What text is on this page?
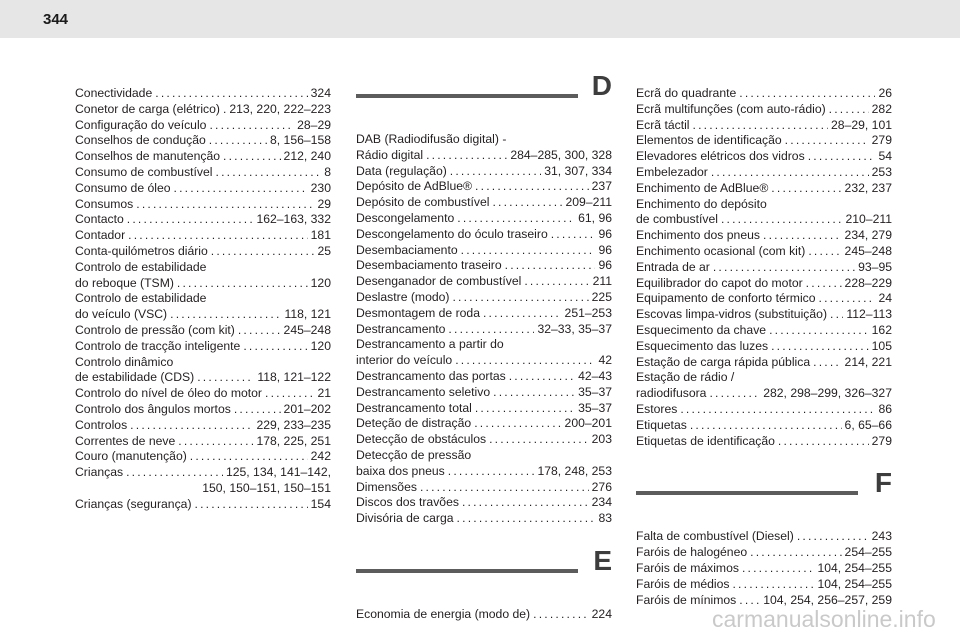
344
Conectividade . . .	324
Conetor de carga (elétrico) . . . 213, 220, 222–223
Configuração do veículo . . .	28–29
Conselhos de condução . . .	8, 156–158
Conselhos de manutenção . . .	212, 240
Consumo de combustível . . .	8
Consumo de óleo . . .	230
Consumos . . .	29
Contacto . . .	162–163, 332
Contador . . .	181
Conta-quilómetros diário . . .	25
Controlo de estabilidade
do reboque (TSM) . . .	120
Controlo de estabilidade
do veículo (VSC) . . .	118, 121
Controlo de pressão (com kit) . . .	245–248
Controlo de tracção inteligente . . .	120
Controlo dinâmico
de estabilidade (CDS) . . .	118, 121–122
Controlo do nível de óleo do motor . . .	21
Controlo dos ângulos mortos . . .	201–202
Controlos . . .	229, 233–235
Correntes de neve . . .	178, 225, 251
Couro (manutenção) . . .	242
Crianças . . .	125, 134, 141–142,
150, 150–151, 150–151
Crianças (segurança) . . .	154
D
DAB (Radiodifusão digital) -
Rádio digital . . .	284–285, 300, 328
Data (regulação) . . .	31, 307, 334
Depósito de AdBlue® . . .	237
Depósito de combustível . . .	209–211
Descongelamento . . .	61, 96
Descongelamento do óculo traseiro . . .	96
Desembaciamento . . .	96
Desembaciamento traseiro . . .	96
Desenganador de combustível . . .	211
Deslastre (modo) . . .	225
Desmontagem de roda . . .	251–253
Destrancamento . . .	32–33, 35–37
Destrancamento a partir do
interior do veículo . . .	42
Destrancamento das portas . . .	42–43
Destrancamento seletivo . . .	35–37
Destrancamento total . . .	35–37
Deteção de distração . . .	200–201
Detecção de obstáculos . . .	203
Detecção de pressão
baixa dos pneus . . .	178, 248, 253
Dimensões . . .	276
Discos dos travões . . .	234
Divisória de carga . . .	83
E
Economia de energia (modo de) . . .	224
Ecrã do quadrante . . .	26
Ecrã multifunções (com auto-rádio) . . .	282
Ecrã táctil . . .	28–29, 101
Elementos de identificação . . .	279
Elevadores elétricos dos vidros . . .	54
Embelezador . . .	253
Enchimento de AdBlue® . . .	232, 237
Enchimento do depósito
de combustível . . .	210–211
Enchimento dos pneus . . .	234, 279
Enchimento ocasional (com kit) . . .	245–248
Entrada de ar . . .	93–95
Equilibrador do capot do motor . . .	228–229
Equipamento de conforto térmico . . .	24
Escovas limpa-vidros (substituição) . . . 112–113
Esquecimento da chave . . .	162
Esquecimento das luzes . . .	105
Estação de carga rápida pública . . .	214, 221
Estação de rádio /
radiodifusora . . .	282, 298–299, 326–327
Estores . . .	86
Etiquetas . . .	6, 65–66
Etiquetas de identificação . . .	279
F
Falta de combustível (Diesel) . . .	243
Faróis de halogéneo . . .	254–255
Faróis de máximos . . .	104, 254–255
Faróis de médios . . .	104, 254–255
Faróis de mínimos . . . 104, 254, 256–257, 259
carmanualsonline.info
